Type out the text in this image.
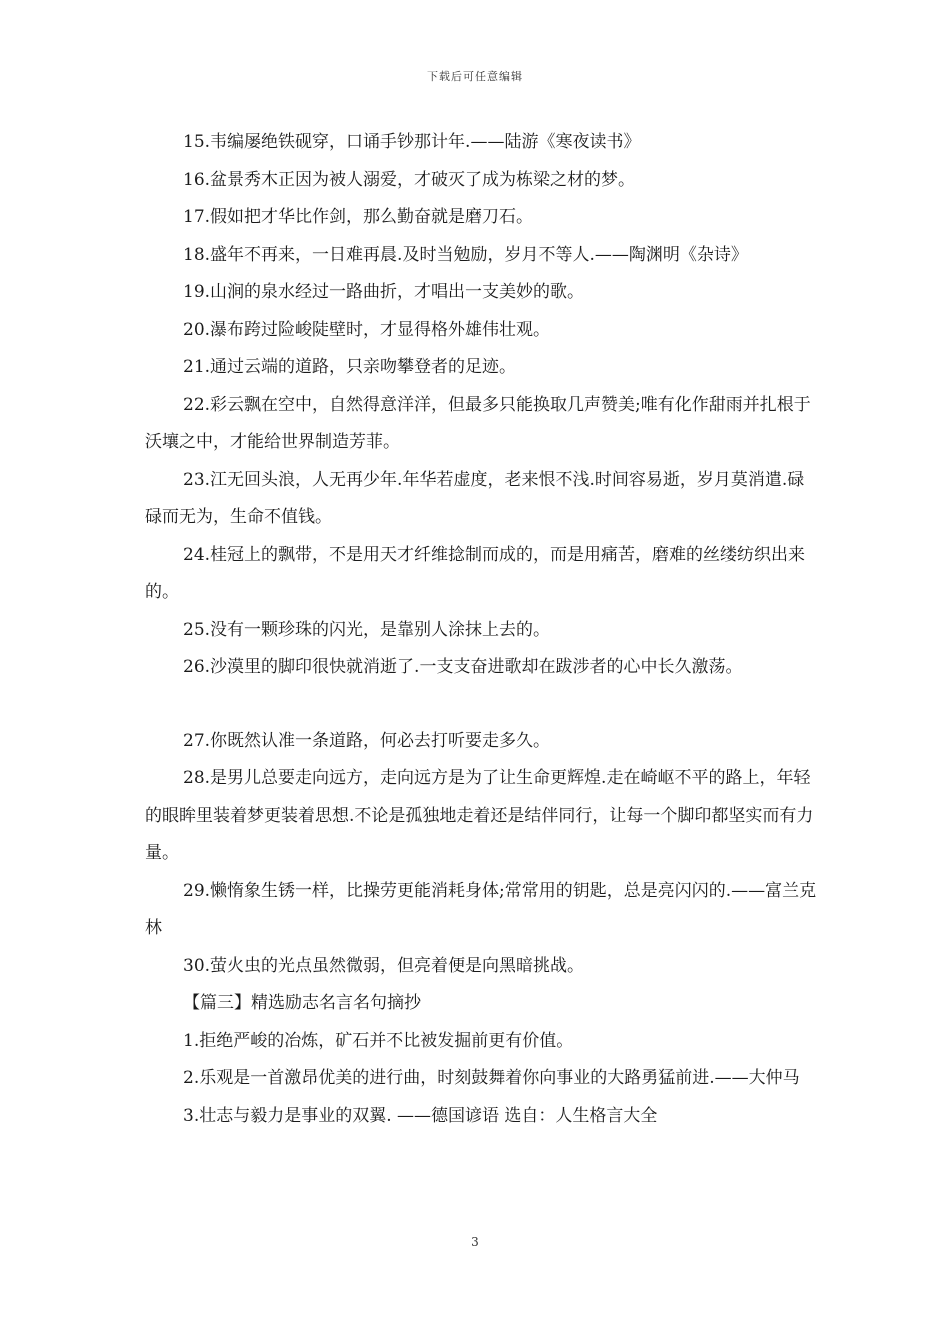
下载后可任意编辑

15.韦编屡绝铁砚穿，口诵手钞那计年.——陆游《寒夜读书》

16.盆景秀木正因为被人溺爱，才破灭了成为栋梁之材的梦。

17.假如把才华比作剑，那么勤奋就是磨刀石。

18.盛年不再来，一日难再晨.及时当勉励，岁月不等人.——陶渊明《杂诗》

19.山涧的泉水经过一路曲折，才唱出一支美妙的歌。

20.瀑布跨过险峻陡壁时，才显得格外雄伟壮观。

21.通过云端的道路，只亲吻攀登者的足迹。

22.彩云飘在空中，自然得意洋洋，但最多只能换取几声赞美;唯有化作甜雨并扎根于沃壤之中，才能给世界制造芳菲。

23.江无回头浪，人无再少年.年华若虚度，老来恨不浅.时间容易逝，岁月莫消遣.碌碌而无为，生命不值钱。

24.桂冠上的飘带，不是用天才纤维捻制而成的，而是用痛苦，磨难的丝缕纺织出来的。

25.没有一颗珍珠的闪光，是靠别人涂抹上去的。

26.沙漠里的脚印很快就消逝了.一支支奋进歌却在跋涉者的心中长久激荡。

27.你既然认准一条道路，何必去打听要走多久。

28.是男儿总要走向远方，走向远方是为了让生命更辉煌.走在崎岖不平的路上，年轻的眼眸里装着梦更装着思想.不论是孤独地走着还是结伴同行，让每一个脚印都坚实而有力量。

29.懒惰象生锈一样，比操劳更能消耗身体;常常用的钥匙，总是亮闪闪的.——富兰克林

30.萤火虫的光点虽然微弱，但亮着便是向黑暗挑战。

【篇三】精选励志名言名句摘抄

1.拒绝严峻的冶炼，矿石并不比被发掘前更有价值。

2.乐观是一首激昂优美的进行曲，时刻鼓舞着你向事业的大路勇猛前进.——大仲马

3.壮志与毅力是事业的双翼. ——德国谚语 选自：人生格言大全

3
